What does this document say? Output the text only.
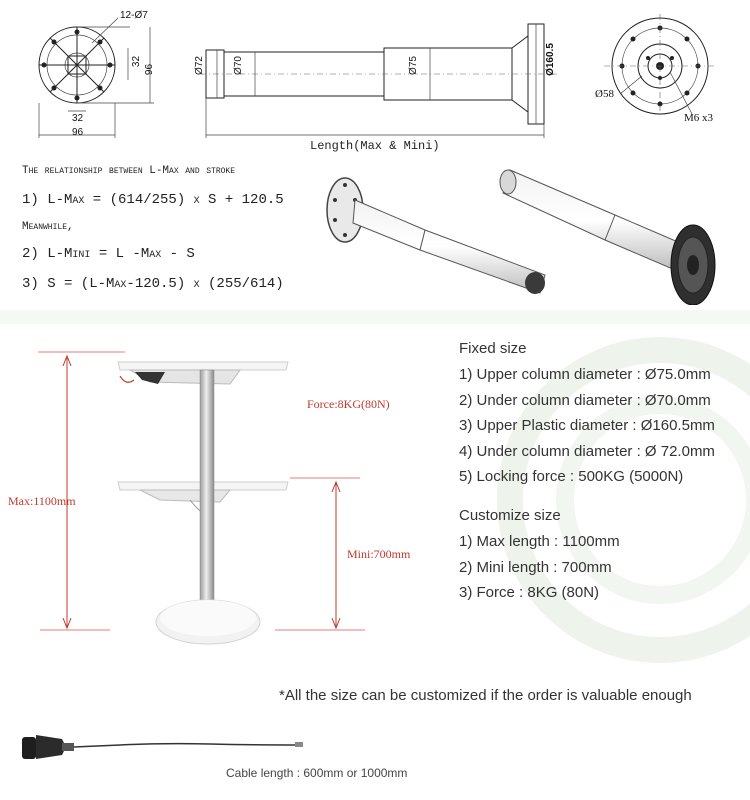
12-Ø7
32
96
32
96
Ø72	Ø70	Ø75	Ø160.5
Length(Max & Mini)
Ø58
M6 x3
The relationship between L-Max and stroke
1) L-Max = (614/255) x S + 120.5
Meanwhile,
2) L-Mini = L -Max - S
3) S = (L-Max-120.5) x (255/614)
Force:8KG(80N)
Max:1100mm
Mini:700mm
Fixed size
1) Upper column diameter : Ø75.0mm
2) Under column diameter : Ø70.0mm
3) Upper Plastic diameter : Ø160.5mm
4) Under column diameter : Ø 72.0mm
5) Locking force : 500KG (5000N)
Customize size
1) Max length : 1100mm
2) Mini length : 700mm
3) Force : 8KG (80N)
*All the size can be customized if the order is valuable enough
Cable length : 600mm or 1000mm
